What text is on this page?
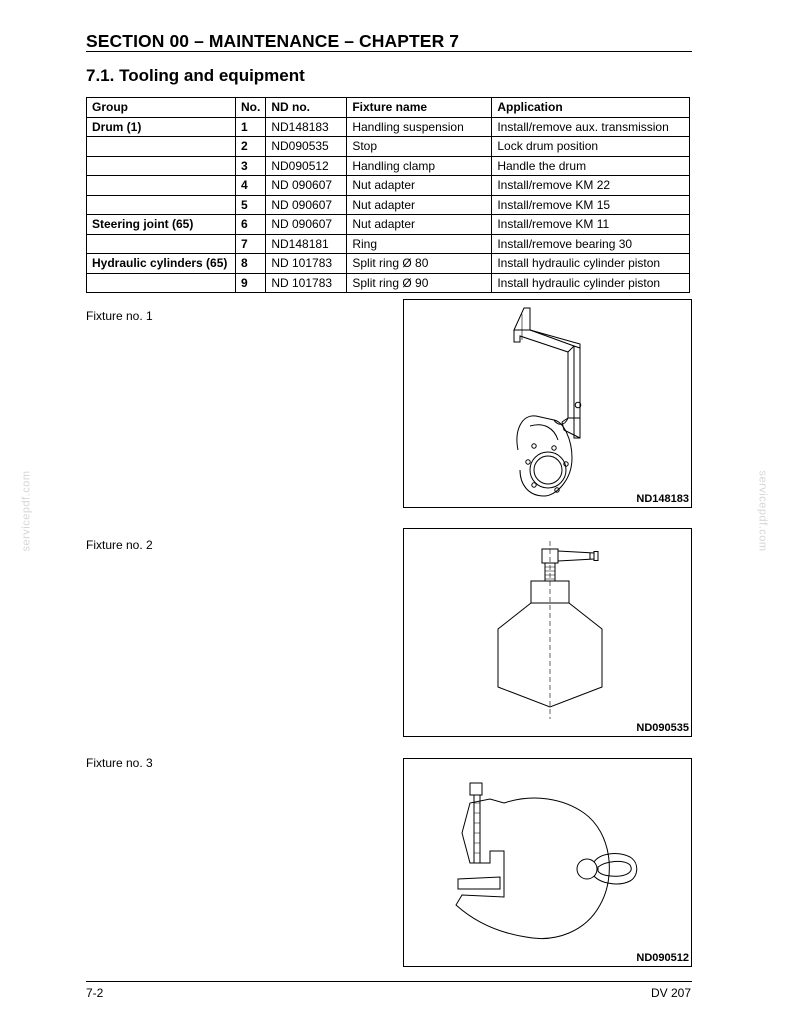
SECTION 00 – MAINTENANCE – CHAPTER 7
7.1. Tooling and equipment
Group	No.	ND no.	Fixture name	Application
Drum (1)	1	ND148183	Handling suspension	Install/remove aux. transmission
	2	ND090535	Stop	Lock drum position
	3	ND090512	Handling clamp	Handle the drum
	4	ND 090607	Nut adapter	Install/remove KM 22
	5	ND 090607	Nut adapter	Install/remove KM 15
Steering joint (65)	6	ND 090607	Nut adapter	Install/remove KM 11
	7	ND148181	Ring	Install/remove bearing 30
Hydraulic cylinders (65)	8	ND 101783	Split ring Ø 80	Install hydraulic cylinder piston
	9	ND 101783	Split ring Ø 90	Install hydraulic cylinder piston
Fixture no. 1
ND148183
Fixture no. 2
ND090535
Fixture no. 3
ND090512
7-2	DV 207
servicepdf.com	servicepdf.com
